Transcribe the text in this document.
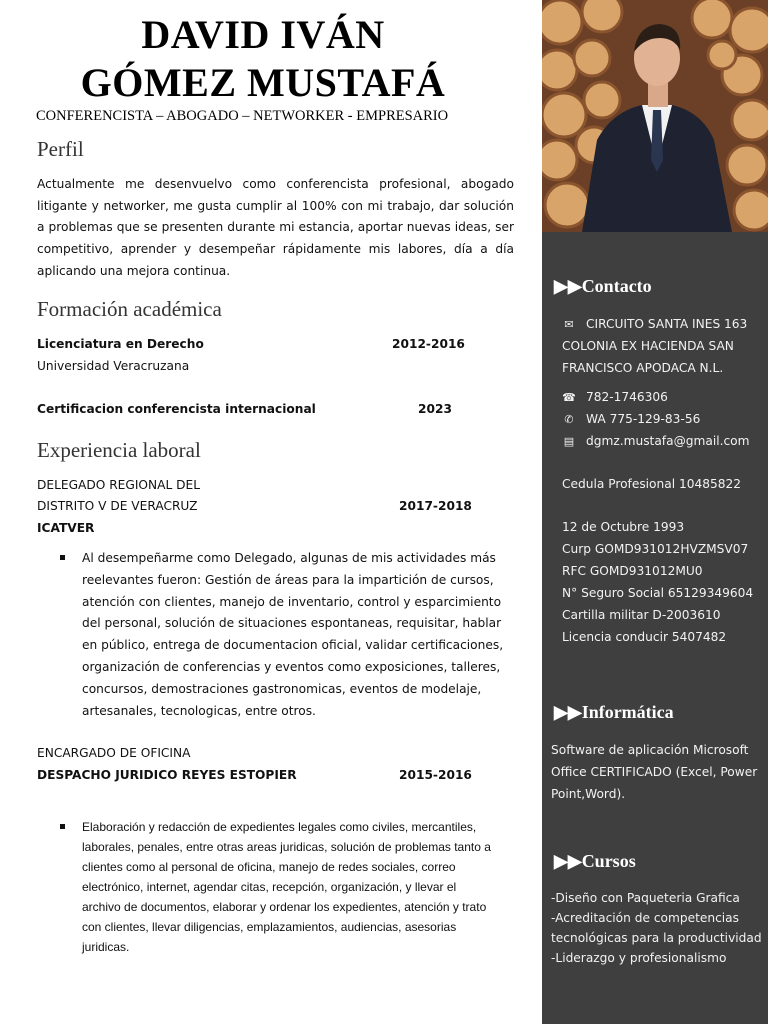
DAVID IVÁN
GÓMEZ MUSTAFÁ
CONFERENCISTA – ABOGADO – NETWORKER - EMPRESARIO
Perfil
Actualmente me desenvuelvo como conferencista profesional, abogado litigante y networker, me gusta cumplir al 100% con mi trabajo, dar solución a problemas que se presenten durante mi estancia, aportar nuevas ideas, ser competitivo, aprender y desempeñar rápidamente mis labores, día a día aplicando una mejora continua.
Formación académica
Licenciatura en Derecho	2012-2016
Universidad Veracruzana
Certificacion conferencista internacional	2023
Experiencia laboral
DELEGADO REGIONAL DEL
DISTRITO V DE VERACRUZ	2017-2018
ICATVER
Al desempeñarme como Delegado, algunas de mis actividades más
reelevantes fueron: Gestión de áreas para la impartición de cursos,
atención con clientes, manejo de inventario, control y esparcimiento
del personal, solución de situaciones espontaneas, requisitar, hablar
en público, entrega de documentacion oficial, validar certificaciones,
organización de conferencias y eventos como exposiciones, talleres,
concursos, demostraciones gastronomicas, eventos de modelaje,
artesanales, tecnologicas, entre otros.
ENCARGADO DE OFICINA
DESPACHO JURIDICO REYES ESTOPIER	2015-2016
Elaboración y redacción de expedientes legales como civiles, mercantiles,
laborales, penales, entre otras areas juridicas, solución de problemas tanto a
clientes como al personal de oficina, manejo de redes sociales, correo
electrónico, internet, agendar citas, recepción, organización, y llevar el
archivo de documentos, elaborar y ordenar los expedientes, atención y trato
con clientes, llevar diligencias, emplazamientos, audiencias, asesorias
juridicas.
▶▶Contacto
✉ CIRCUITO SANTA INES 163
COLONIA EX HACIENDA SAN
FRANCISCO APODACA N.L.
☎ 782-1746306
✆ WA 775-129-83-56
▤ dgmz.mustafa@gmail.com
Cedula Profesional 10485822
12 de Octubre 1993
Curp GOMD931012HVZMSV07
RFC GOMD931012MU0
N° Seguro Social 65129349604
Cartilla militar D-2003610
Licencia conducir 5407482
▶▶Informática
Software de aplicación Microsoft
Office CERTIFICADO (Excel, Power
Point,Word).
▶▶Cursos
-Diseño con Paqueteria Grafica
-Acreditación de competencias
tecnológicas para la productividad
-Liderazgo y profesionalismo
